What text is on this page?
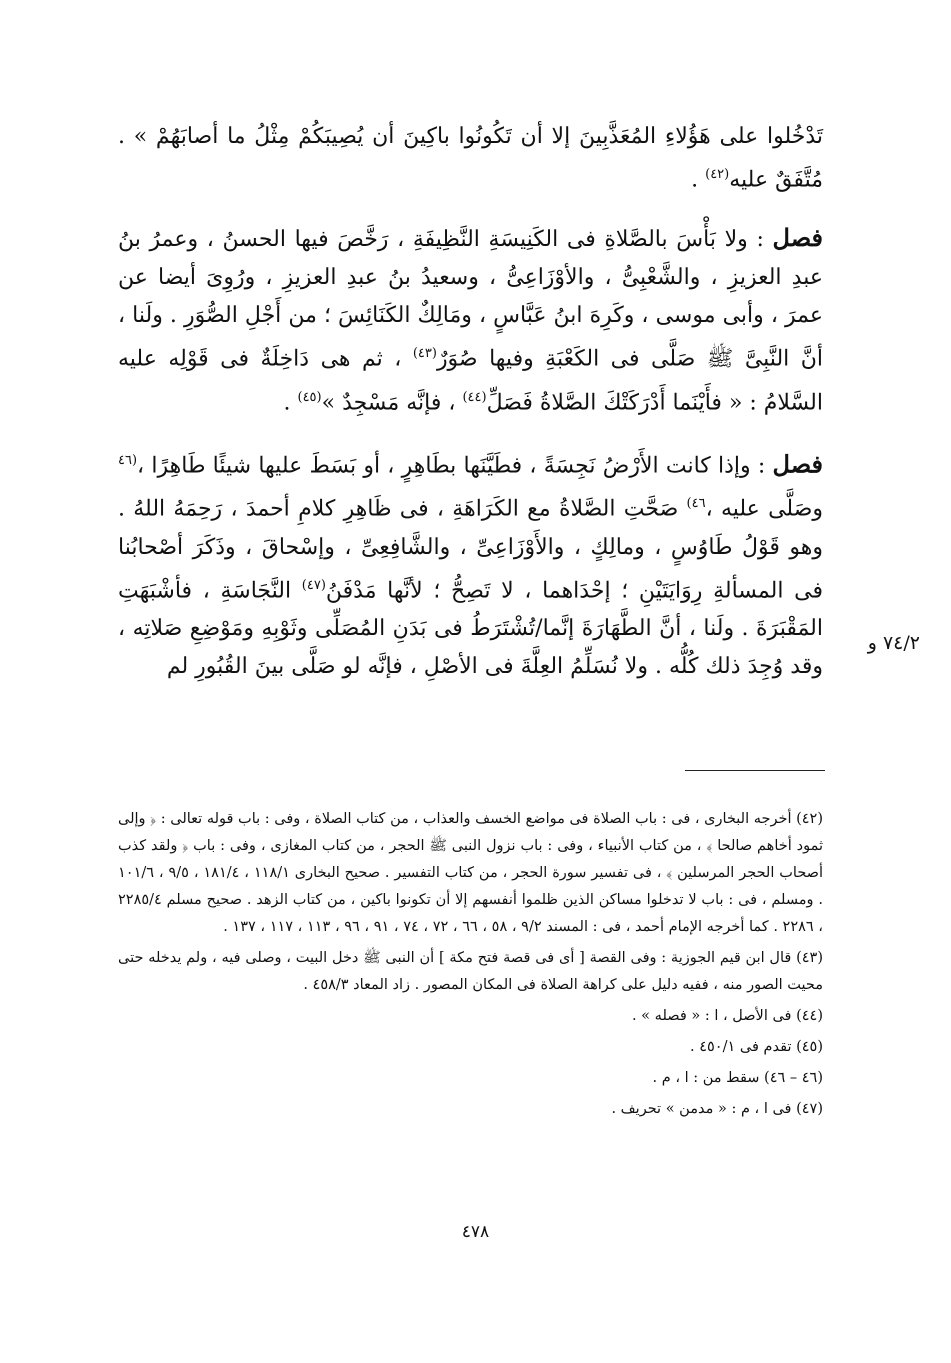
تَدْخُلوا على هَؤُلاءِ المُعَذَّبِينَ إلا أن تَكُونُوا باكِينَ أن يُصِيبَكُمْ مِثْلُ ما أصابَهُمْ » . مُتَّفَقٌ عليه$^{(٤٢)}$ .

فصل : ولا بَأْسَ بالصَّلاةِ فى الكَنِيسَةِ النَّظِيفَةِ ، رَخَّصَ فيها الحسنُ ، وعمرُ بنُ عبدِ العزيزِ ، والشَّعْبِىُّ ، والأوْزَاعِىُّ ، وسعيدُ بنُ عبدِ العزيزِ ، ورُوِىَ أيضا عن عمرَ ، وأبى موسى ، وكَرِهَ ابنُ عَبَّاسٍ ، ومَالِكٌ الكَنَائِسَ ؛ من أَجْلِ الصُّوَرِ . ولَنا ، أنَّ النَّبِىَّ ﷺ صَلَّى فى الكَعْبَةِ وفيها صُوَرٌ$^{(٤٣)}$ ، ثم هى دَاخِلَةٌ فى قَوْلِه عليه السَّلامُ : « فأَيْنَما أَدْرَكَتْكَ الصَّلاةُ فَصَلِّ$^{(٤٤)}$ ، فإنَّه مَسْجِدٌ »$^{(٤٥)}$ .

فصل : وإذا كانت الأَرْضُ نَجِسَةً ، فطَيَّنَها بطَاهِرٍ ، أو بَسَطَ عليها شيئًا طَاهِرًا ،$^{(٤٦}$ وصَلَّى عليه ،$^{٤٦)}$ صَحَّتِ الصَّلاةُ مع الكَرَاهَةِ ، فى ظَاهِرِ كلامِ أحمدَ ، رَحِمَهُ اللهُ . وهو قَوْلُ طَاوُسٍ ، ومالِكٍ ، والأَوْزَاعِىِّ ، والشَّافِعِىِّ ، وإسْحاقَ ، وذَكَرَ أصْحابُنا فى المسألةِ رِوَايَتَيْنِ ؛ إحْدَاهما ، لا تَصِحُّ ؛ لأنَّها مَدْفَنُ$^{(٤٧)}$ النَّجَاسَةِ ، فأشْبَهَتِ المَقْبَرَةَ . ولَنا ، أنَّ الطَّهَارَةَ إنَّما/تُشْتَرَطُ فى بَدَنِ المُصَلِّى وثَوْبِهِ ومَوْضِعِ صَلاتِه ، وقد وُجِدَ ذلك كُلُّه . ولا نُسَلِّمُ العِلَّةَ فى الأصْلِ ، فإنَّه لو صَلَّى بينَ القُبُورِ لم

٧٤/٢ و
(٤٢) أخرجه البخارى ، فى : باب الصلاة فى مواضع الخسف والعذاب ، من كتاب الصلاة ، وفى : باب قوله تعالى : ﴿ وإلى ثمود أخاهم صالحا ﴾ ، من كتاب الأنبياء ، وفى : باب نزول النبى ﷺ الحجر ، من كتاب المغازى ، وفى : باب ﴿ ولقد كذب أصحاب الحجر المرسلين ﴾ ، فى تفسير سورة الحجر ، من كتاب التفسير . صحيح البخارى ١١٨/١ ، ١٨١/٤ ، ٩/٥ ، ١٠١/٦ . ومسلم ، فى : باب لا تدخلوا مساكن الذين ظلموا أنفسهم إلا أن تكونوا باكين ، من كتاب الزهد . صحيح مسلم ٢٢٨٥/٤ ، ٢٢٨٦ . كما أخرجه الإمام أحمد ، فى : المسند ٩/٢ ، ٥٨ ، ٦٦ ، ٧٢ ، ٧٤ ، ٩١ ، ٩٦ ، ١١٣ ، ١١٧ ، ١٣٧ .
(٤٣) قال ابن قيم الجوزية : وفى القصة [ أى فى قصة فتح مكة ] أن النبى ﷺ دخل البيت ، وصلى فيه ، ولم يدخله حتى محيت الصور منه ، ففيه دليل على كراهة الصلاة فى المكان المصور . زاد المعاد ٤٥٨/٣ .
(٤٤) فى الأصل ، ا : « فصله » .
(٤٥) تقدم فى ٤٥٠/١ .
(٤٦ – ٤٦) سقط من : ا ، م .
(٤٧) فى ا ، م : « مدمن » تحريف .
٤٧٨
